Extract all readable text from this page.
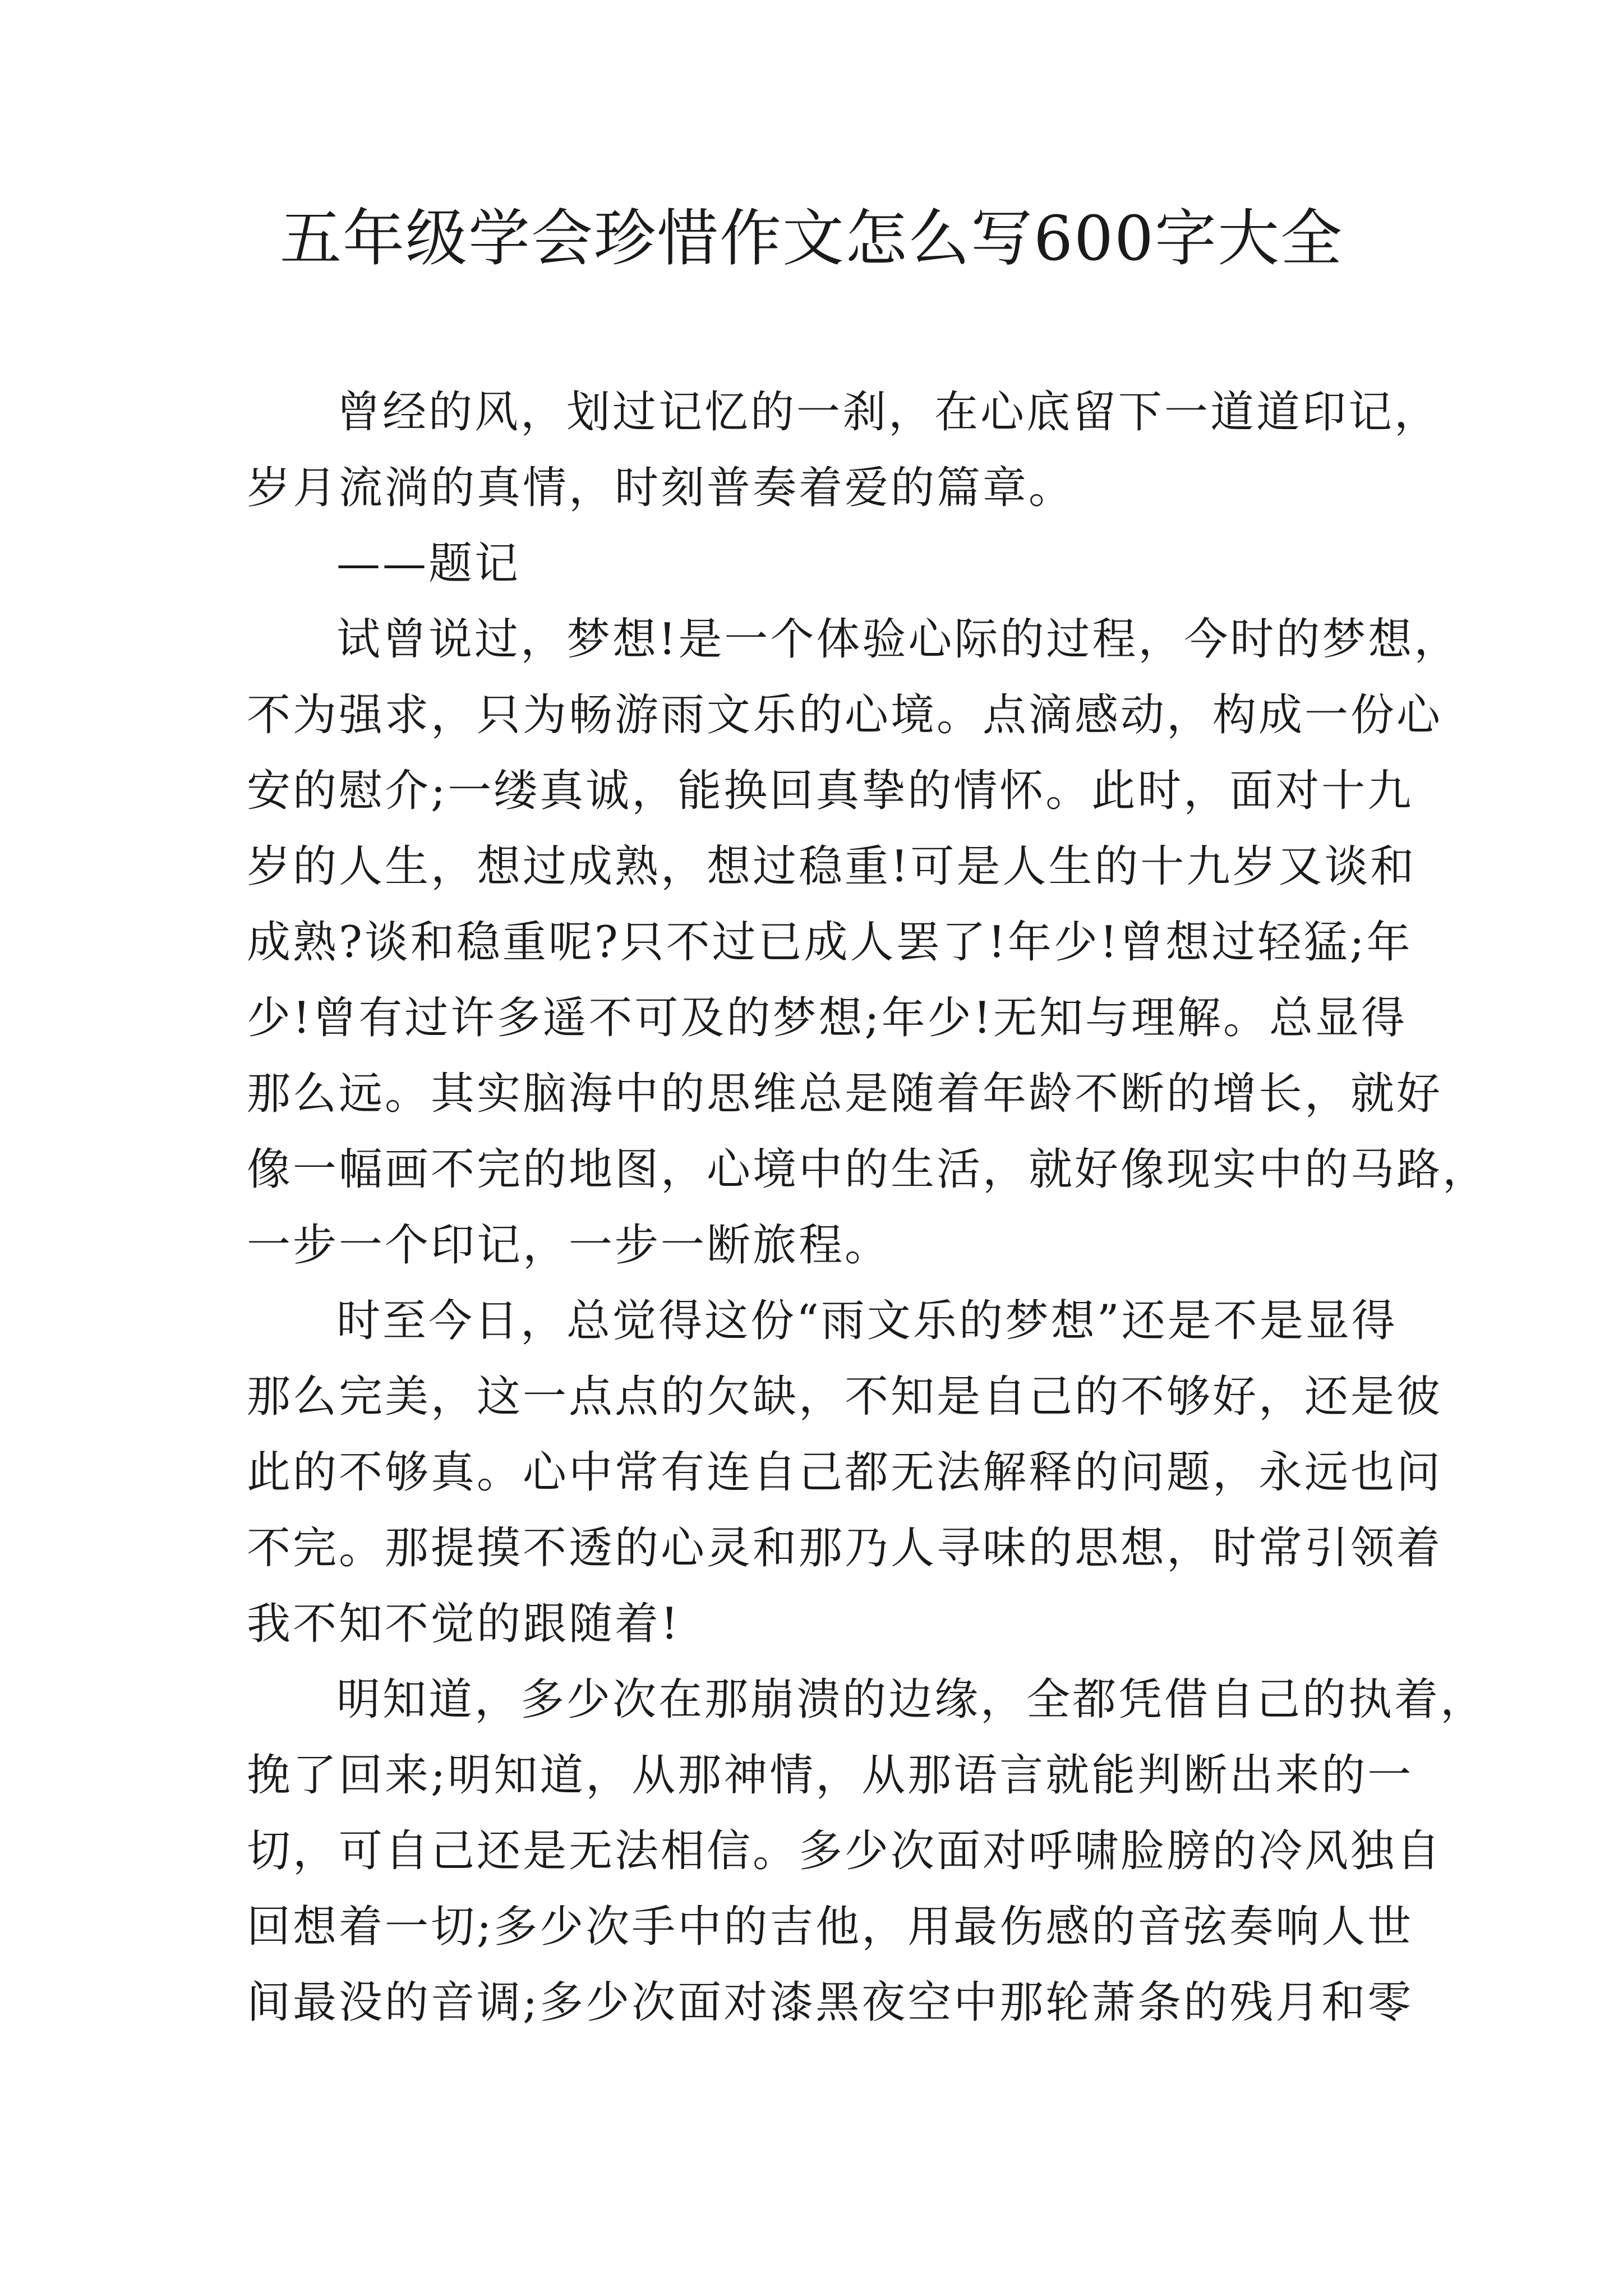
五年级学会珍惜作文怎么写600字大全
曾经的风，划过记忆的一刹，在心底留下一道道印记，
岁月流淌的真情，时刻普奏着爱的篇章。
——题记
试曾说过，梦想!是一个体验心际的过程，今时的梦想，
不为强求，只为畅游雨文乐的心境。点滴感动，构成一份心
安的慰介;一缕真诚，能换回真挚的情怀。此时，面对十九
岁的人生，想过成熟，想过稳重!可是人生的十九岁又谈和
成熟?谈和稳重呢?只不过已成人罢了!年少!曾想过轻猛;年
少!曾有过许多遥不可及的梦想;年少!无知与理解。总显得
那么远。其实脑海中的思维总是随着年龄不断的增长，就好
像一幅画不完的地图，心境中的生活，就好像现实中的马路，
一步一个印记，一步一断旅程。
时至今日，总觉得这份“雨文乐的梦想”还是不是显得
那么完美，这一点点的欠缺，不知是自己的不够好，还是彼
此的不够真。心中常有连自己都无法解释的问题，永远也问
不完。那提摸不透的心灵和那乃人寻味的思想，时常引领着
我不知不觉的跟随着!
明知道，多少次在那崩溃的边缘，全都凭借自己的执着，
挽了回来;明知道，从那神情，从那语言就能判断出来的一
切，可自己还是无法相信。多少次面对呼啸脸膀的冷风独自
回想着一切;多少次手中的吉他，用最伤感的音弦奏响人世
间最没的音调;多少次面对漆黑夜空中那轮萧条的残月和零
